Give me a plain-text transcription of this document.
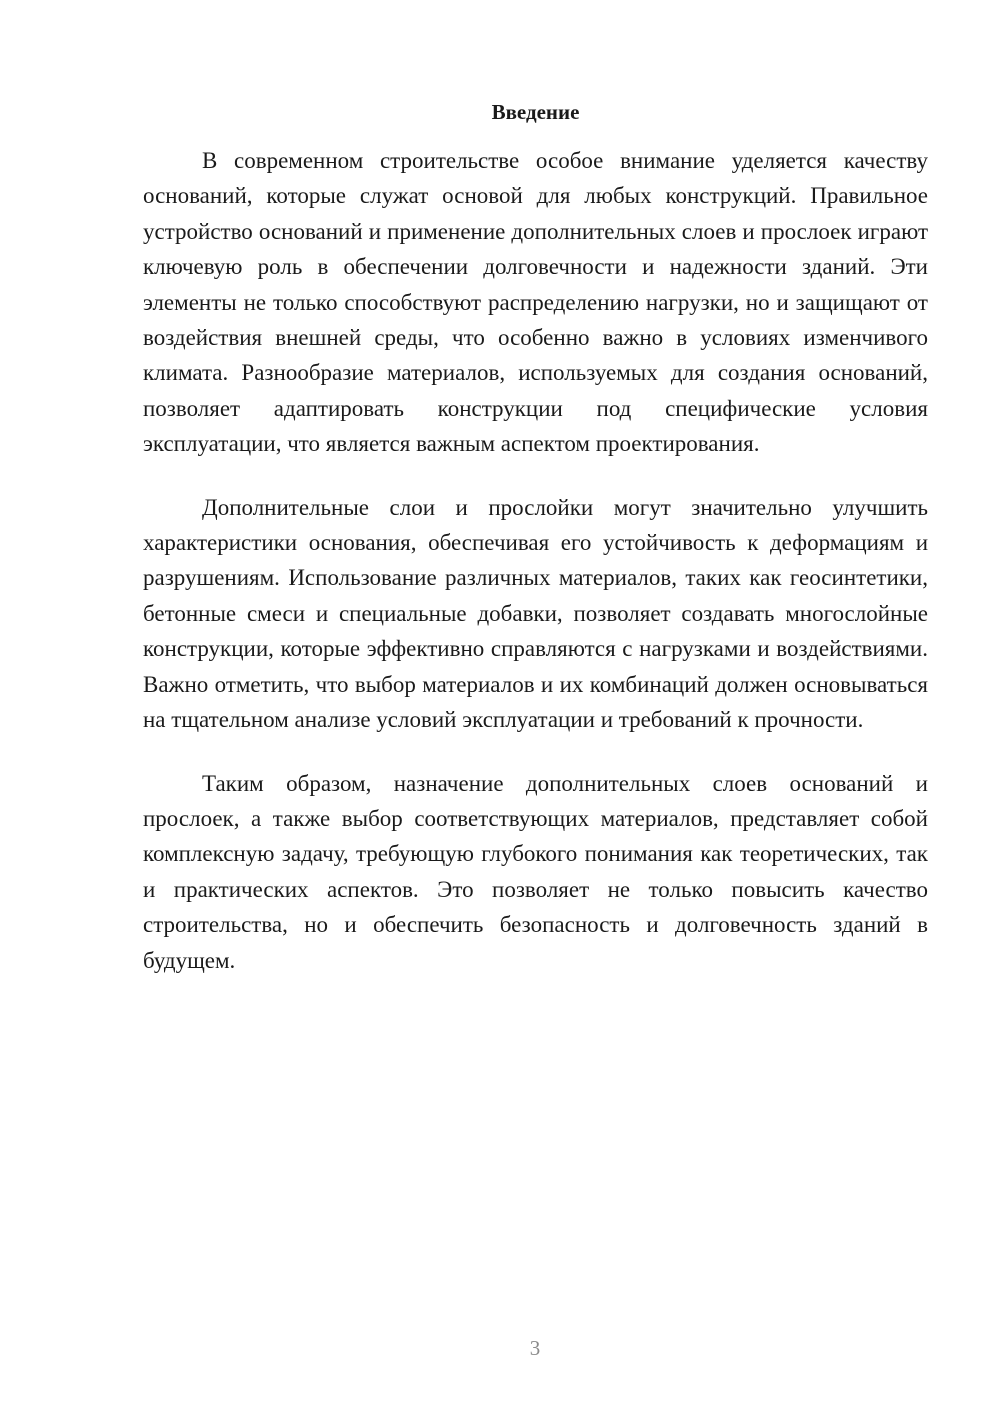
Введение

В современном строительстве особое внимание уделяется качеству оснований, которые служат основой для любых конструкций. Правильное устройство оснований и применение дополнительных слоев и прослоек играют ключевую роль в обеспечении долговечности и надежности зданий. Эти элементы не только способствуют распределению нагрузки, но и защищают от воздействия внешней среды, что особенно важно в условиях изменчивого климата. Разнообразие материалов, используемых для создания оснований, позволяет адаптировать конструкции под специфические условия эксплуатации, что является важным аспектом проектирования.

Дополнительные слои и прослойки могут значительно улучшить характеристики основания, обеспечивая его устойчивость к деформациям и разрушениям. Использование различных материалов, таких как геосинтетики, бетонные смеси и специальные добавки, позволяет создавать многослойные конструкции, которые эффективно справляются с нагрузками и воздействиями. Важно отметить, что выбор материалов и их комбинаций должен основываться на тщательном анализе условий эксплуатации и требований к прочности.

Таким образом, назначение дополнительных слоев оснований и прослоек, а также выбор соответствующих материалов, представляет собой комплексную задачу, требующую глубокого понимания как теоретических, так и практических аспектов. Это позволяет не только повысить качество строительства, но и обеспечить безопасность и долговечность зданий в будущем.

3
